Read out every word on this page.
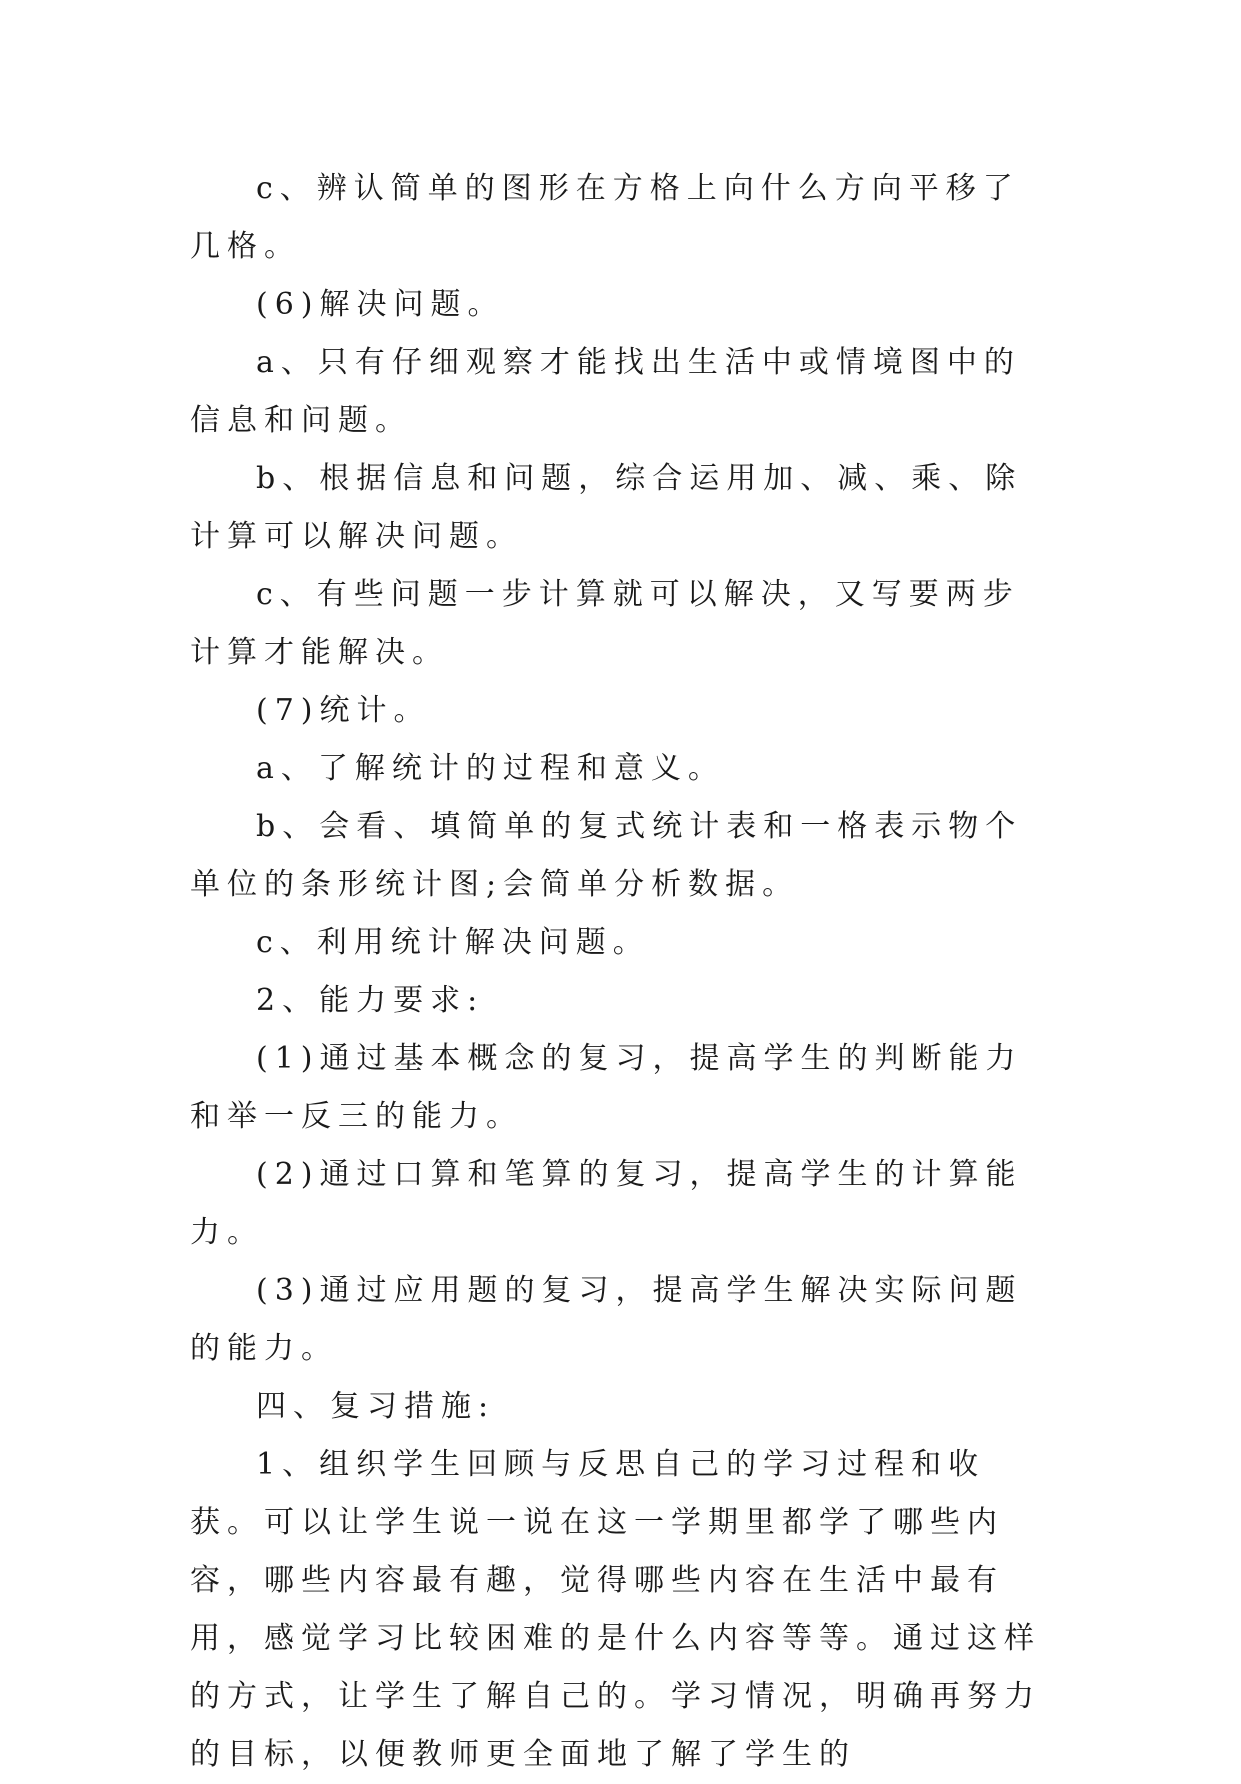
c、辨认简单的图形在方格上向什么方向平移了几格。

(6)解决问题。

a、只有仔细观察才能找出生活中或情境图中的信息和问题。

b、根据信息和问题，综合运用加、减、乘、除计算可以解决问题。

c、有些问题一步计算就可以解决，又写要两步计算才能解决。

(7)统计。

a、了解统计的过程和意义。

b、会看、填简单的复式统计表和一格表示物个单位的条形统计图;会简单分析数据。

c、利用统计解决问题。

2、能力要求:

(1)通过基本概念的复习，提高学生的判断能力和举一反三的能力。

(2)通过口算和笔算的复习，提高学生的计算能力。

(3)通过应用题的复习，提高学生解决实际问题的能力。

四、复习措施:

1、组织学生回顾与反思自己的学习过程和收获。可以让学生说一说在这一学期里都学了哪些内容，哪些内容最有趣，觉得哪些内容在生活中最有用，感觉学习比较困难的是什么内容等等。通过这样的方式，让学生了解自己的。学习情况，明确再努力的目标，以便教师更全面地了解了学生的
